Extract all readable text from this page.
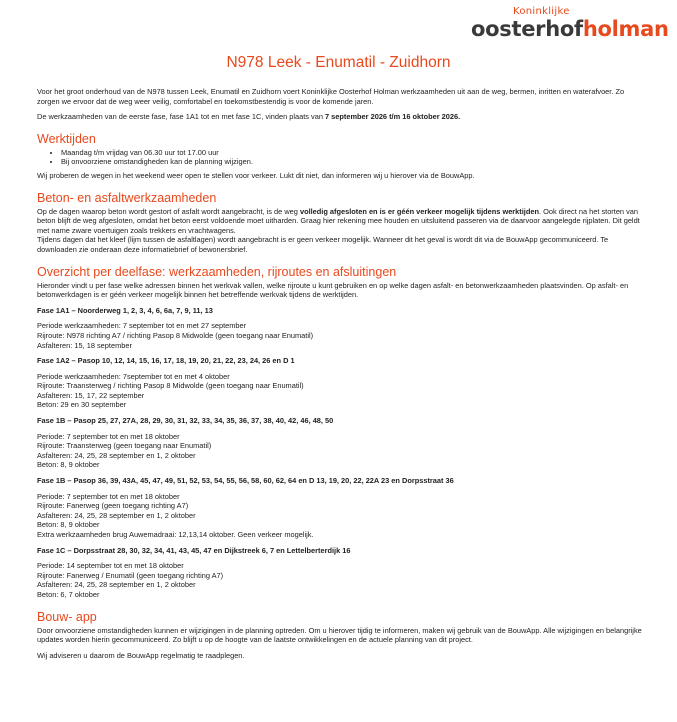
Koninklijke
oosterhofholman
N978 Leek - Enumatil - Zuidhorn

Voor het groot onderhoud van de N978 tussen Leek, Enumatil en Zuidhorn voert Koninklijke Oosterhof Holman werkzaamheden uit aan de weg, bermen, inritten en waterafvoer. Zo zorgen we ervoor dat de weg weer veilig, comfortabel en toekomstbestendig is voor de komende jaren.

De werkzaamheden van de eerste fase, fase 1A1 tot en met fase 1C, vinden plaats van 7 september 2026 t/m 16 oktober 2026.

Werktijden
• Maandag t/m vrijdag van 06.30 uur tot 17.00 uur
• Bij onvoorziene omstandigheden kan de planning wijzigen.

Wij proberen de wegen in het weekend weer open te stellen voor verkeer. Lukt dit niet, dan informeren wij u hierover via de BouwApp.

Beton- en asfaltwerkzaamheden

Op de dagen waarop beton wordt gestort of asfalt wordt aangebracht, is de weg volledig afgesloten en is er géén verkeer mogelijk tijdens werktijden. Ook direct na het storten van beton blijft de weg afgesloten, omdat het beton eerst voldoende moet uitharden. Graag hier rekening mee houden en uitsluitend passeren via de daarvoor aangelegde rijplaten. Dit geldt met name zware voertuigen zoals trekkers en vrachtwagens.

Tijdens dagen dat het kleef (lijm tussen de asfaltlagen) wordt aangebracht is er geen verkeer mogelijk. Wanneer dit het geval is wordt dit via de BouwApp gecommuniceerd. Te downloaden zie onderaan deze informatiebrief of bewonersbrief.

Overzicht per deelfase: werkzaamheden, rijroutes en afsluitingen

Hieronder vindt u per fase welke adressen binnen het werkvak vallen, welke rijroute u kunt gebruiken en op welke dagen asfalt- en betonwerkzaamheden plaatsvinden. Op asfalt- en betonwerkdagen is er géén verkeer mogelijk binnen het betreffende werkvak tijdens de werktijden.

Fase 1A1 – Noorderweg 1, 2, 3, 4, 6, 6a, 7, 9, 11, 13
Periode werkzaamheden: 7 september tot en met 27 september
Rijroute: N978 richting A7 / richting Pasop 8 Midwolde (geen toegang naar Enumatil)
Asfalteren: 15, 18 september
Fase 1A2 – Pasop 10, 12, 14, 15, 16, 17, 18, 19, 20, 21, 22, 23, 24, 26 en D 1
Periode werkzaamheden: 7september tot en met 4 oktober
Rijroute: Traansterweg / richting Pasop 8 Midwolde (geen toegang naar Enumatil)
Asfalteren: 15, 17, 22 september
Beton: 29 en 30 september
Fase 1B – Pasop 25, 27, 27A, 28, 29, 30, 31, 32, 33, 34, 35, 36, 37, 38, 40, 42, 46, 48, 50
Periode: 7 september tot en met 18 oktober
Rijroute: Traansterweg (geen toegang naar Enumatil)
Asfalteren: 24, 25, 28 september en 1, 2 oktober
Beton: 8, 9 oktober
Fase 1B – Pasop 36, 39, 43A, 45, 47, 49, 51, 52, 53, 54, 55, 56, 58, 60, 62, 64 en D 13, 19, 20, 22, 22A 23 en Dorpsstraat 36
Periode: 7 september tot en met 18 oktober
Rijroute: Fanerweg (geen toegang richting A7)
Asfalteren: 24, 25, 28 september en 1, 2 oktober
Beton: 8, 9 oktober
Extra werkzaamheden brug Auwemadraai: 12,13,14 oktober. Geen verkeer mogelijk.
Fase 1C – Dorpsstraat 28, 30, 32, 34, 41, 43, 45, 47 en Dijkstreek 6, 7 en Lettelberterdijk 16
Periode: 14 september tot en met 18 oktober
Rijroute: Fanerweg / Enumatil (geen toegang richting A7)
Asfalteren: 24, 25, 28 september en 1, 2 oktober
Beton: 6, 7 oktober
Bouw- app

Door onvoorziene omstandigheden kunnen er wijzigingen in de planning optreden. Om u hierover tijdig te informeren, maken wij gebruik van de BouwApp. Alle wijzigingen en belangrijke updates worden hierin gecommuniceerd. Zo blijft u op de hoogte van de laatste ontwikkelingen en de actuele planning van dit project.

Wij adviseren u daarom de BouwApp regelmatig te raadplegen.
